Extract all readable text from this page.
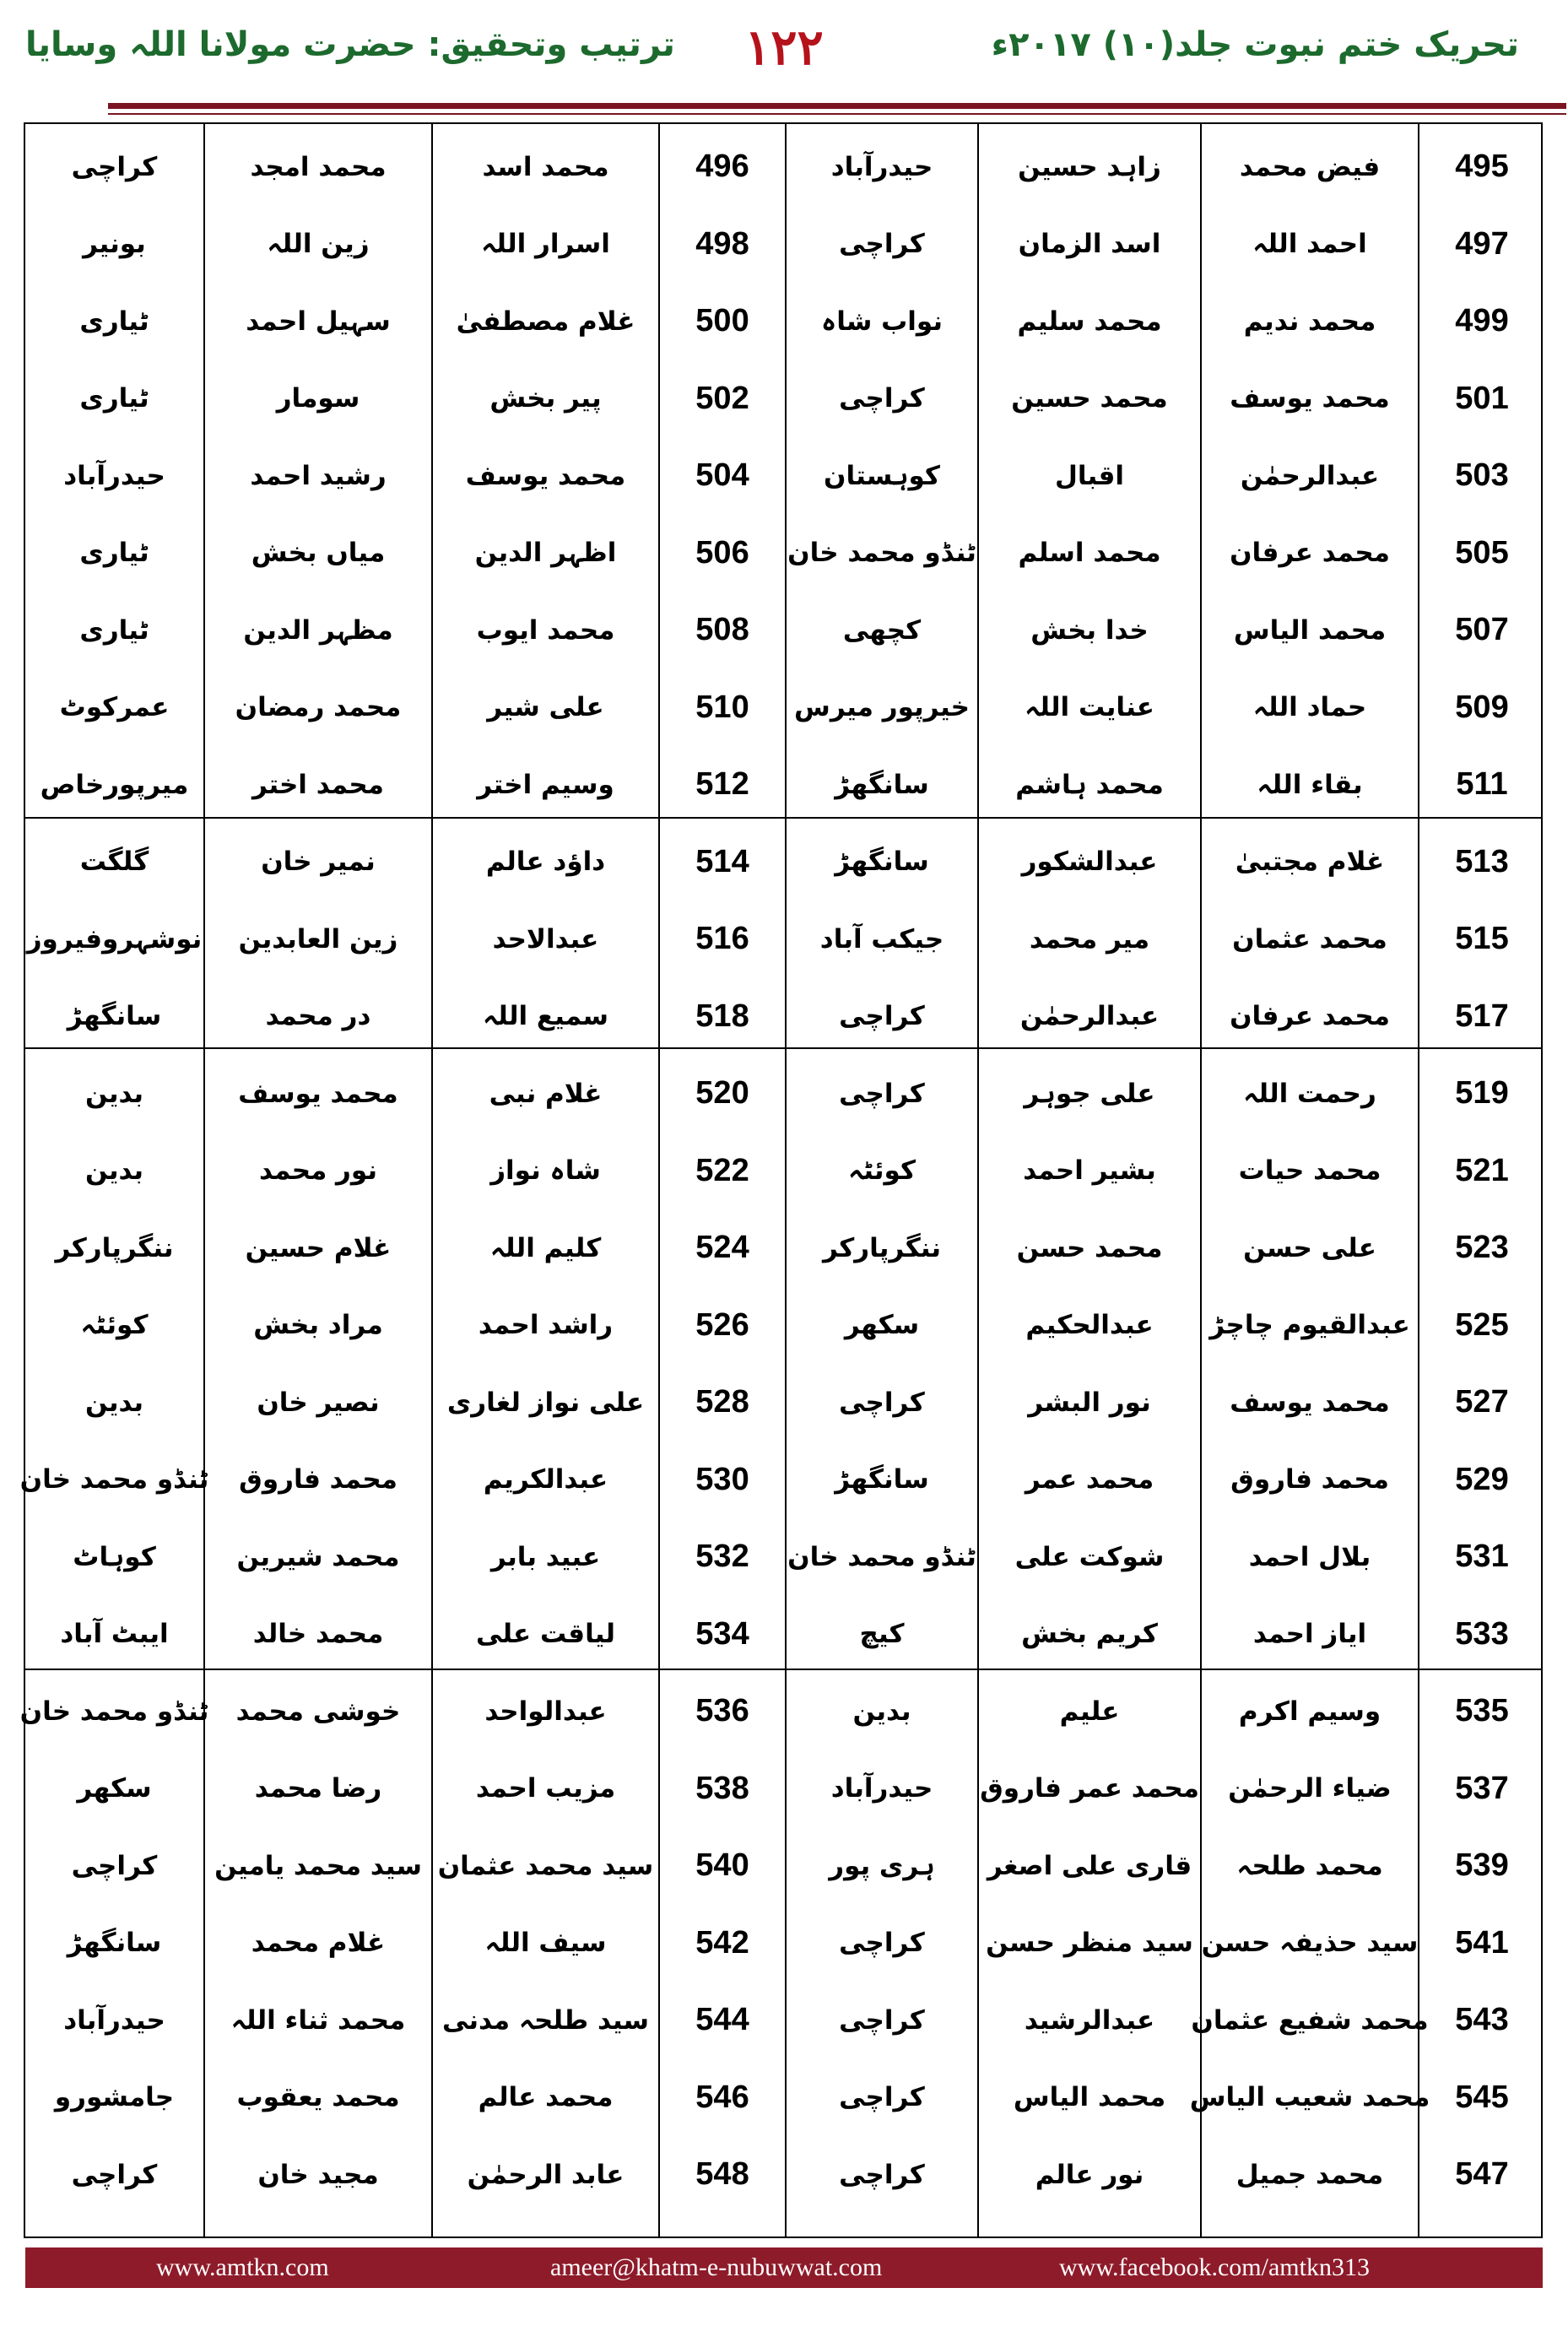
تحریک ختم نبوت جلد(۱۰) ۲۰۱۷ء
۱۲۲
ترتیب وتحقیق: حضرت مولانا اللہ وسایا
495
فیض محمد
زاہد حسین
حیدرآباد
496
محمد اسد
محمد امجد
کراچی
497
احمد اللہ
اسد الزمان
کراچی
498
اسرار اللہ
زین اللہ
بونیر
499
محمد ندیم
محمد سلیم
نواب شاہ
500
غلام مصطفیٰ
سہیل احمد
ٹیاری
501
محمد یوسف
محمد حسین
کراچی
502
پیر بخش
سومار
ٹیاری
503
عبدالرحمٰن
اقبال
کوہستان
504
محمد یوسف
رشید احمد
حیدرآباد
505
محمد عرفان
محمد اسلم
ٹنڈو محمد خان
506
اظہر الدین
میاں بخش
ٹیاری
507
محمد الیاس
خدا بخش
کچھی
508
محمد ایوب
مظہر الدین
ٹیاری
509
حماد اللہ
عنایت اللہ
خیرپور میرس
510
علی شیر
محمد رمضان
عمرکوٹ
511
بقاء اللہ
محمد ہاشم
سانگھڑ
512
وسیم اختر
محمد اختر
میرپورخاص
513
غلام مجتبیٰ
عبدالشکور
سانگھڑ
514
داؤد عالم
نمیر خان
گلگت
515
محمد عثمان
میر محمد
جیکب آباد
516
عبدالاحد
زین العابدین
نوشہروفیروز
517
محمد عرفان
عبدالرحمٰن
کراچی
518
سمیع اللہ
در محمد
سانگھڑ
519
رحمت اللہ
علی جوہر
کراچی
520
غلام نبی
محمد یوسف
بدین
521
محمد حیات
بشیر احمد
کوئٹہ
522
شاہ نواز
نور محمد
بدین
523
علی حسن
محمد حسن
ننگرپارکر
524
کلیم اللہ
غلام حسین
ننگرپارکر
525
عبدالقیوم چاچڑ
عبدالحکیم
سکھر
526
راشد احمد
مراد بخش
کوئٹہ
527
محمد یوسف
نور البشر
کراچی
528
علی نواز لغاری
نصیر خان
بدین
529
محمد فاروق
محمد عمر
سانگھڑ
530
عبدالکریم
محمد فاروق
ٹنڈو محمد خان
531
بلال احمد
شوکت علی
ٹنڈو محمد خان
532
عبید بابر
محمد شیرین
کوہاٹ
533
ایاز احمد
کریم بخش
کیچ
534
لیاقت علی
محمد خالد
ایبٹ آباد
535
وسیم اکرم
علیم
بدین
536
عبدالواحد
خوشی محمد
ٹنڈو محمد خان
537
ضیاء الرحمٰن
محمد عمر فاروق
حیدرآباد
538
مزیب احمد
رضا محمد
سکھر
539
محمد طلحہ
قاری علی اصغر
ہری پور
540
سید محمد عثمان
سید محمد یامین
کراچی
541
سید حذیفہ حسن
سید منظر حسن
کراچی
542
سیف اللہ
غلام محمد
سانگھڑ
543
محمد شفیع عثمان
عبدالرشید
کراچی
544
سید طلحہ مدنی
محمد ثناء اللہ
حیدرآباد
545
محمد شعیب الیاس
محمد الیاس
کراچی
546
محمد عالم
محمد یعقوب
جامشورو
547
محمد جمیل
نور عالم
کراچی
548
عابد الرحمٰن
مجید خان
کراچی
www.amtkn.com	ameer@khatm-e-nubuwwat.com	www.facebook.com/amtkn313
